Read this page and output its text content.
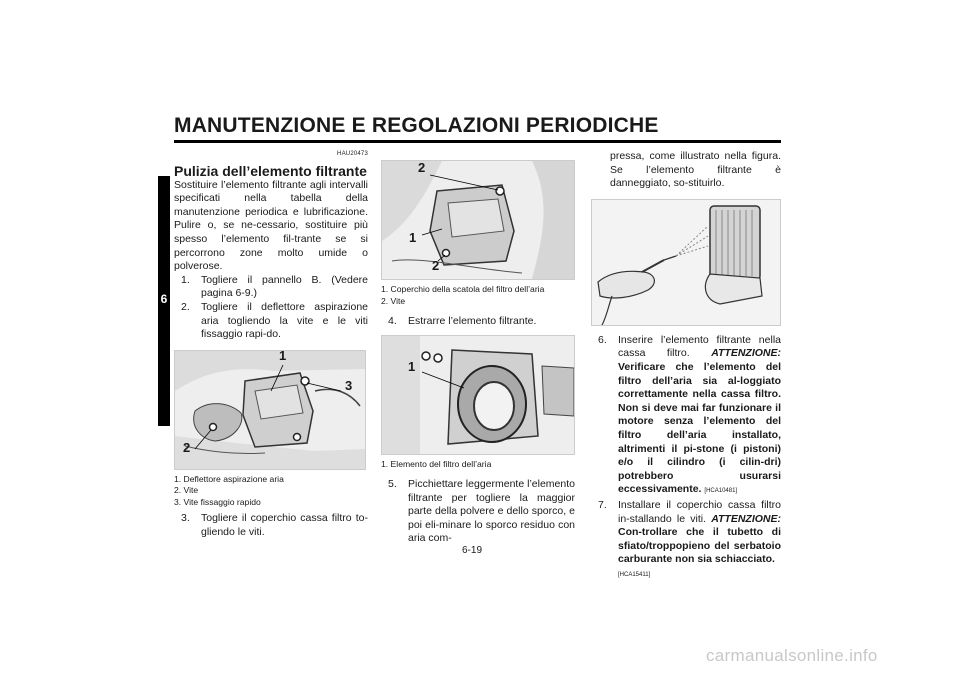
MANUTENZIONE E REGOLAZIONI PERIODICHE
6
HAU20473
Pulizia dell’elemento filtrante
Sostituire l’elemento filtrante agli intervalli specificati nella tabella della manutenzione periodica e lubrificazione. Pulire o, se ne-cessario, sostituire più spesso l’elemento fil-trante se si percorrono zone molto umide o polverose.
1.	Togliere il pannello B. (Vedere pagina 6-9.)
2.	Togliere il deflettore aspirazione aria togliendo la vite e le viti fissaggio rapi-do.
1
2
3
1. Deflettore aspirazione aria
2. Vite
3. Vite fissaggio rapido
3.	Togliere il coperchio cassa filtro to-gliendo le viti.
2
1
2
1. Coperchio della scatola del filtro dell’aria
2. Vite
4.	Estrarre l’elemento filtrante.
1
1. Elemento del filtro dell’aria
5.	Picchiettare leggermente l’elemento filtrante per togliere la maggior parte della polvere e dello sporco, e poi eli-minare lo sporco residuo con aria com-
pressa, come illustrato nella figura. Se l’elemento filtrante è danneggiato, so-stituirlo.
6.	Inserire l’elemento filtrante nella cassa filtro. ATTENZIONE: Verificare che l’elemento del filtro dell’aria sia al-loggiato correttamente nella cassa filtro. Non si deve mai far funzionare il motore senza l’elemento del filtro dell’aria installato, altrimenti il pi-stone (i pistoni) e/o il cilindro (i cilin-dri) potrebbero usurarsi eccessivamente. [HCA10481]
7.	Installare il coperchio cassa filtro in-stallando le viti. ATTENZIONE: Con-trollare che il tubetto di sfiato/troppopieno del serbatoio carburante non sia schiacciato.
[HCA15411]
6-19
carmanualsonline.info
